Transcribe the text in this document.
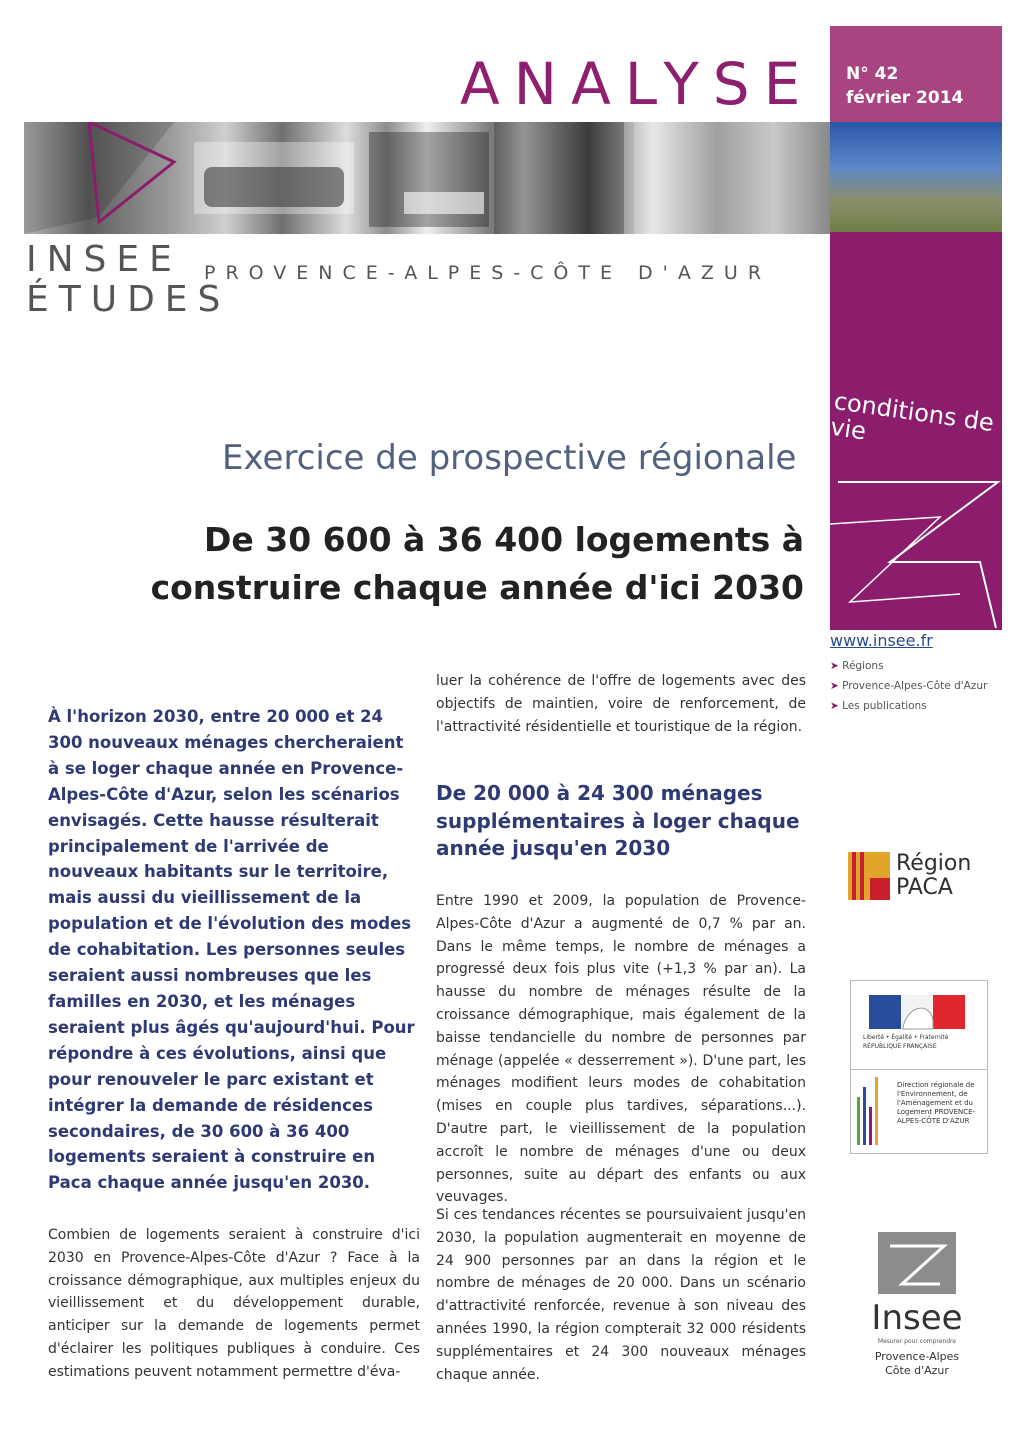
ANALYSE N° 42
février 2014
INSEE
ÉTUDES
PROVENCE-ALPES-CÔTE D'AZUR
conditions de vie
Exercice de prospective régionale
De 30 600 à 36 400 logements à construire chaque année d'ici 2030
www.insee.fr
➤ Régions
➤ Provence-Alpes-Côte d'Azur
➤ Les publications
À l'horizon 2030, entre 20 000 et 24 300 nouveaux ménages chercheraient à se loger chaque année en Provence-Alpes-Côte d'Azur, selon les scénarios envisagés. Cette hausse résulterait principalement de l'arrivée de nouveaux habitants sur le territoire, mais aussi du vieillissement de la population et de l'évolution des modes de cohabitation. Les personnes seules seraient aussi nombreuses que les familles en 2030, et les ménages seraient plus âgés qu'aujourd'hui. Pour répondre à ces évolutions, ainsi que pour renouveler le parc existant et intégrer la demande de résidences secondaires, de 30 600 à 36 400 logements seraient à construire en Paca chaque année jusqu'en 2030.
Combien de logements seraient à construire d'ici 2030 en Provence-Alpes-Côte d'Azur ? Face à la croissance démographique, aux multiples enjeux du vieillissement et du développement durable, anticiper sur la demande de logements permet d'éclairer les politiques publiques à conduire. Ces estimations peuvent notamment permettre d'éva-
luer la cohérence de l'offre de logements avec des objectifs de maintien, voire de renforcement, de l'attractivité résidentielle et touristique de la région.
De 20 000 à 24 300 ménages supplémentaires à loger chaque année jusqu'en 2030
Entre 1990 et 2009, la population de Provence-Alpes-Côte d'Azur a augmenté de 0,7 % par an. Dans le même temps, le nombre de ménages a progressé deux fois plus vite (+1,3 % par an). La hausse du nombre de ménages résulte de la croissance démographique, mais également de la baisse tendancielle du nombre de personnes par ménage (appelée « desserrement »). D'une part, les ménages modifient leurs modes de cohabitation (mises en couple plus tardives, séparations...). D'autre part, le vieillissement de la population accroît le nombre de ménages d'une ou deux personnes, suite au départ des enfants ou aux veuvages.
Si ces tendances récentes se poursuivaient jusqu'en 2030, la population augmenterait en moyenne de 24 900 personnes par an dans la région et le nombre de ménages de 20 000. Dans un scénario d'attractivité renforcée, revenue à son niveau des années 1990, la région compterait 32 000 résidents supplémentaires et 24 300 nouveaux ménages chaque année.
Région PACA
Liberté • Égalité • Fraternité RÉPUBLIQUE FRANÇAISE
Direction régionale de l'Environnement, de l'Aménagement et du Logement PROVENCE-ALPES-CÔTE D'AZUR
Insee
Mesurer pour comprendre
Provence-Alpes Côte d'Azur
